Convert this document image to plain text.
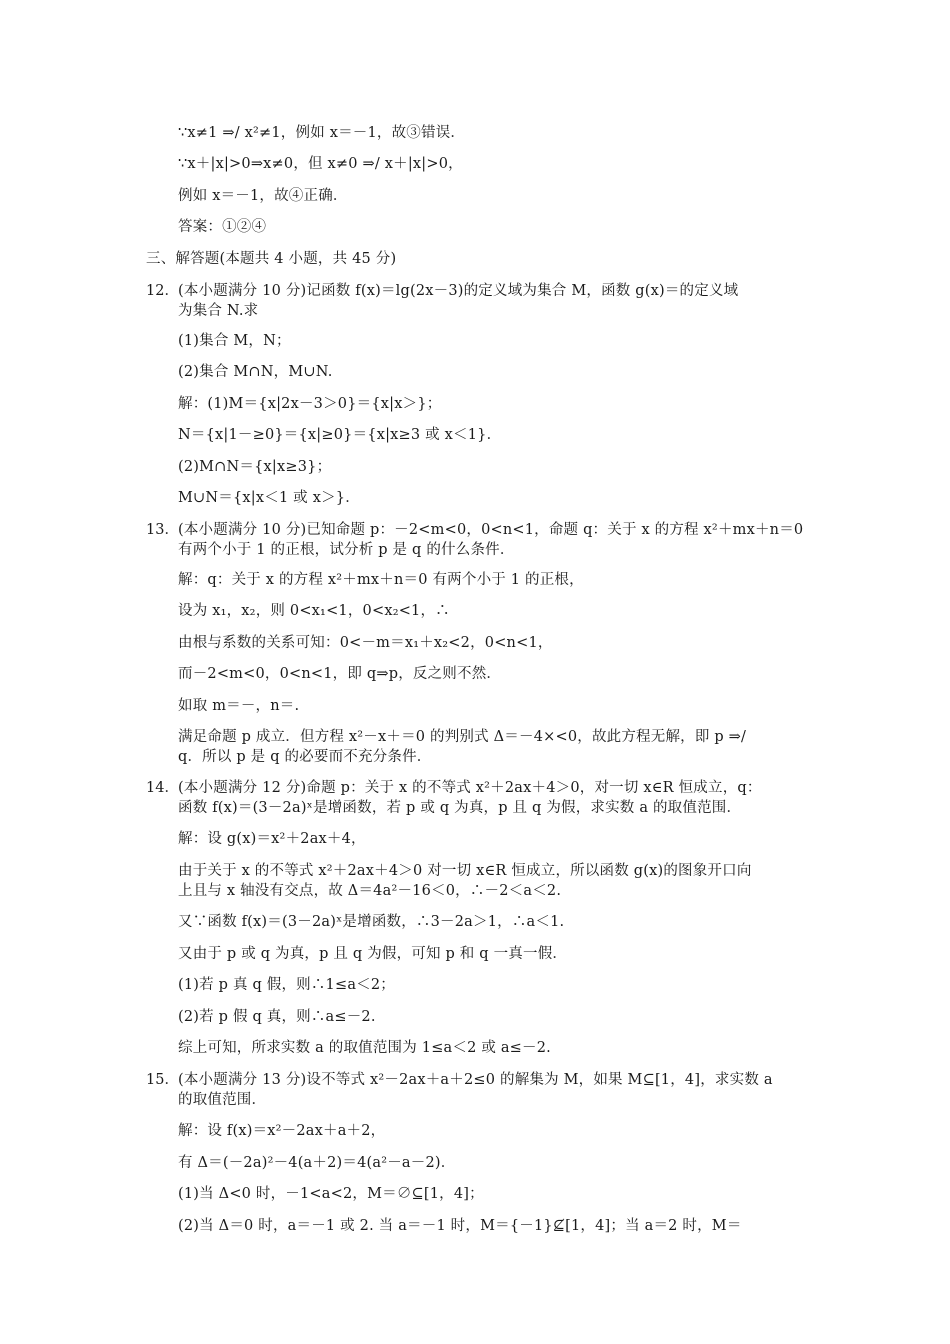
∵x≠1 ⇒/ x²≠1，例如 x＝－1，故③错误．
∵x＋|x|>0⇒x≠0，但 x≠0 ⇒/ x＋|x|>0，
例如 x＝－1，故④正确．
答案：①②④
三、解答题(本题共 4 小题，共 45 分)
12． (本小题满分 10 分)记函数 f(x)＝lg(2x－3)的定义域为集合 M，函数 g(x)＝的定义域
为集合 N.求
(1)集合 M，N；
(2)集合 M∩N，M∪N.
解：(1)M＝{x|2x－3＞0}＝{x|x＞}；
N＝{x|1－≥0}＝{x|≥0}＝{x|x≥3 或 x＜1}．
(2)M∩N＝{x|x≥3}；
M∪N＝{x|x＜1 或 x＞}．
13． (本小题满分 10 分)已知命题 p：－2<m<0，0<n<1，命题 q：关于 x 的方程 x²＋mx＋n＝0
有两个小于 1 的正根，试分析 p 是 q 的什么条件．
解：q：关于 x 的方程 x²＋mx＋n＝0 有两个小于 1 的正根，
设为 x₁，x₂，则 0<x₁<1，0<x₂<1，∴
由根与系数的关系可知：0<－m＝x₁＋x₂<2，0<n<1，
而－2<m<0，0<n<1，即 q⇒p，反之则不然．
如取 m＝－，n＝.
满足命题 p 成立．但方程 x²－x＋＝0 的判别式 Δ＝－4×<0，故此方程无解，即 p ⇒/
q．所以 p 是 q 的必要而不充分条件．
14． (本小题满分 12 分)命题 p：关于 x 的不等式 x²＋2ax＋4＞0，对一切 x∈R 恒成立，q：
函数 f(x)＝(3－2a)ˣ是增函数，若 p 或 q 为真，p 且 q 为假，求实数 a 的取值范围．
解：设 g(x)＝x²＋2ax＋4，
由于关于 x 的不等式 x²＋2ax＋4＞0 对一切 x∈R 恒成立，所以函数 g(x)的图象开口向
上且与 x 轴没有交点，故 Δ＝4a²－16＜0，∴－2＜a＜2.
又∵函数 f(x)＝(3－2a)ˣ是增函数，∴3－2a＞1，∴a＜1.
又由于 p 或 q 为真，p 且 q 为假，可知 p 和 q 一真一假．
(1)若 p 真 q 假，则∴1≤a＜2；
(2)若 p 假 q 真，则∴a≤－2.
综上可知，所求实数 a 的取值范围为 1≤a＜2 或 a≤－2.
15． (本小题满分 13 分)设不等式 x²－2ax＋a＋2≤0 的解集为 M，如果 M⊆[1，4]，求实数 a
的取值范围．
解：设 f(x)＝x²－2ax＋a＋2，
有 Δ＝(－2a)²－4(a＋2)＝4(a²－a－2)．
(1)当 Δ<0 时，－1<a<2，M＝∅⊆[1，4]；
(2)当 Δ＝0 时，a＝－1 或 2. 当 a＝－1 时，M＝{－1}⊈[1，4]；当 a＝2 时，M＝
